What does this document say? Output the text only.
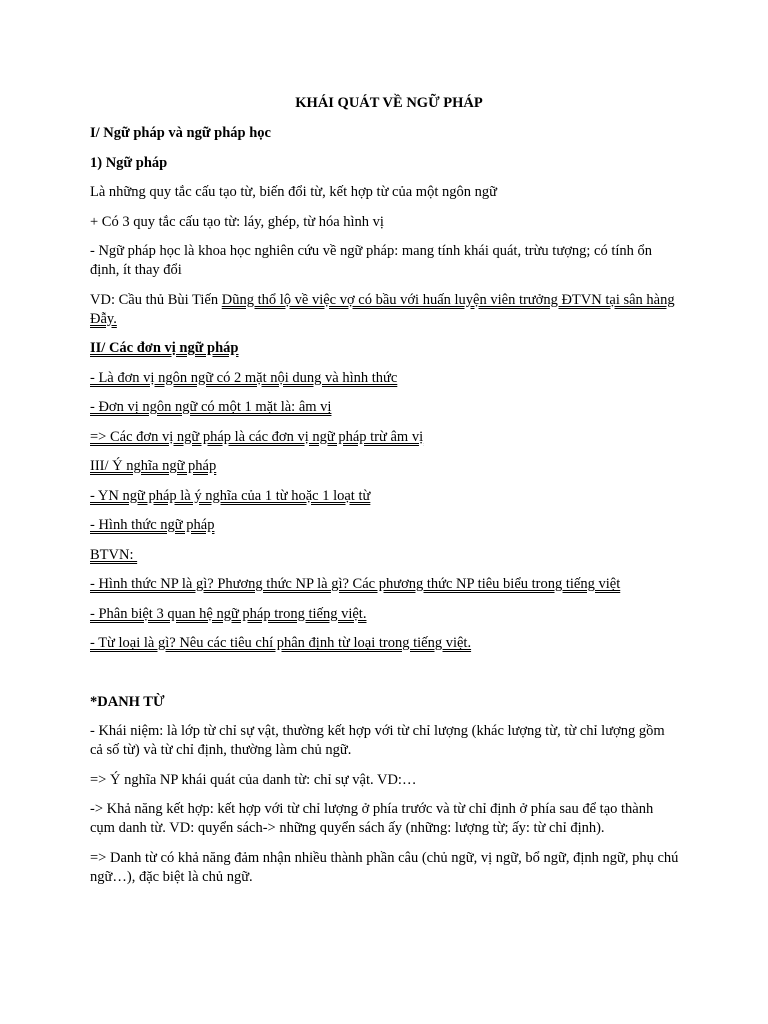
KHÁI QUÁT VỀ NGỮ PHÁP

I/ Ngữ pháp và ngữ pháp học

1) Ngữ pháp

Là những quy tắc cấu tạo từ, biến đổi từ, kết hợp từ của một ngôn ngữ

+ Có 3 quy tắc cấu tạo từ: láy, ghép, từ hóa hình vị

- Ngữ pháp học là khoa học nghiên cứu về ngữ pháp: mang tính khái quát, trừu tượng; có tính ổn định, ít thay đổi

VD: Cầu thủ Bùi Tiến Dũng thổ lộ về việc vợ có bầu với huấn luyện viên trưởng ĐTVN tại sân hàng Đẫy.

II/ Các đơn vị ngữ pháp

- Là đơn vị ngôn ngữ có 2 mặt nội dung và hình thức

- Đơn vị ngôn ngữ có một 1 mặt là: âm vị

=> Các đơn vị ngữ pháp là các đơn vị ngữ pháp trừ âm vị

III/ Ý nghĩa ngữ pháp

- YN ngữ pháp là ý nghĩa của 1 từ hoặc 1 loạt từ

- Hình thức ngữ pháp

BTVN:

- Hình thức NP là gì? Phương thức NP là gì? Các phương thức NP tiêu biểu trong tiếng việt

- Phân biệt 3 quan hệ ngữ pháp trong tiếng việt.

- Từ loại là gì? Nêu các tiêu chí phân định từ loại trong tiếng việt.

*DANH TỪ

- Khái niệm: là lớp từ chỉ sự vật, thường kết hợp với từ chỉ lượng (khác lượng từ, từ chỉ lượng gồm cả số từ) và từ chỉ định, thường làm chủ ngữ.

=> Ý nghĩa NP khái quát của danh từ: chỉ sự vật. VD:…

-> Khả năng kết hợp: kết hợp với từ chỉ lượng ở phía trước và từ chỉ định ở phía sau để tạo thành cụm danh từ. VD: quyển sách-> những quyển sách ấy (những: lượng từ; ấy: từ chỉ định).

=> Danh từ có khả năng đảm nhận nhiều thành phần câu (chủ ngữ, vị ngữ, bổ ngữ, định ngữ, phụ chú ngữ…), đặc biệt là chủ ngữ.
